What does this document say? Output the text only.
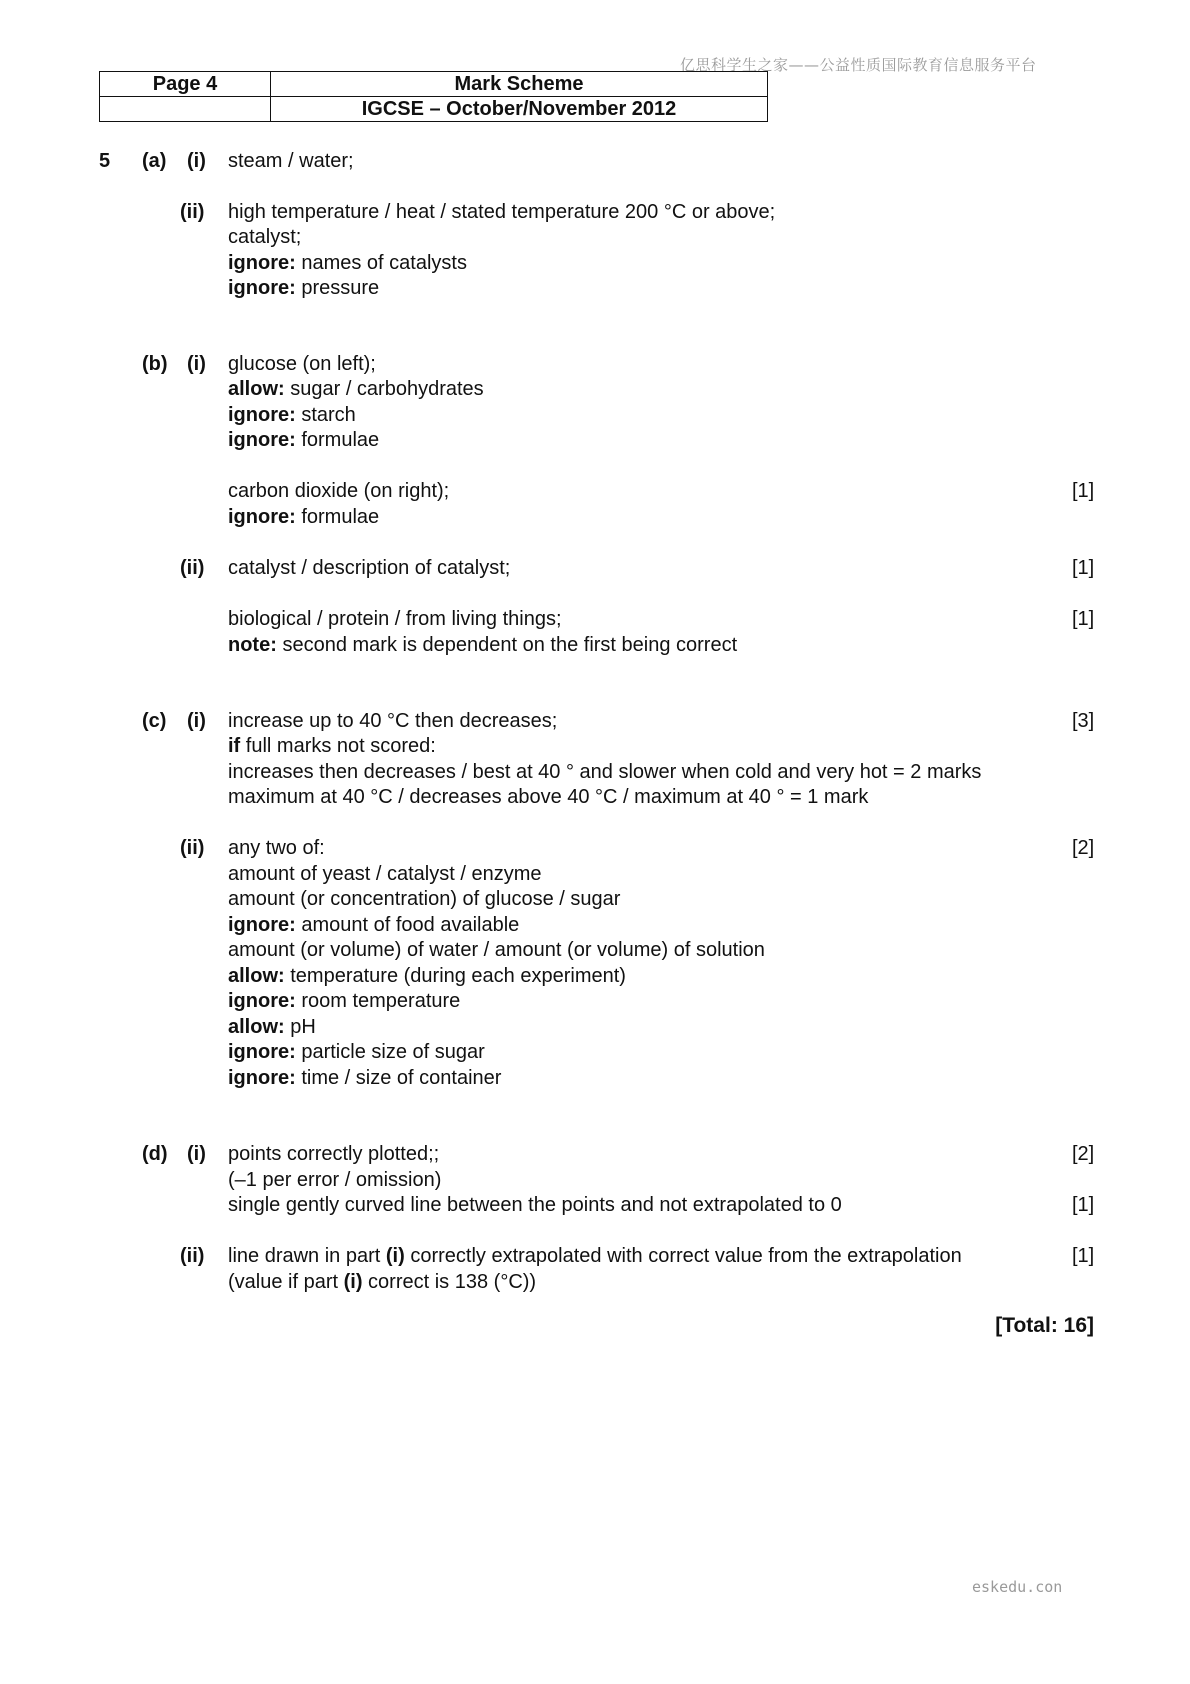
亿思科学生之家——公益性质国际教育信息服务平台
Page 4	Mark Scheme
	IGCSE – October/November 2012
5 (a) (i) steam / water;
(ii) high temperature / heat / stated temperature 200 °C or above;
catalyst;
ignore: names of catalysts
ignore: pressure
(b) (i) glucose (on left);
allow: sugar / carbohydrates
ignore: starch
ignore: formulae
carbon dioxide (on right);	[1]
ignore: formulae
(ii) catalyst / description of catalyst;	[1]
biological / protein / from living things;	[1]
note: second mark is dependent on the first being correct
(c) (i) increase up to 40 °C then decreases;	[3]
if full marks not scored:
increases then decreases / best at 40 ° and slower when cold and very hot = 2 marks
maximum at 40 °C / decreases above 40 °C / maximum at 40 ° = 1 mark
(ii) any two of:	[2]
amount of yeast / catalyst / enzyme
amount (or concentration) of glucose / sugar
ignore: amount of food available
amount (or volume) of water / amount (or volume) of solution
allow: temperature (during each experiment)
ignore: room temperature
allow: pH
ignore: particle size of sugar
ignore: time / size of container
(d) (i) points correctly plotted;;	[2]
(–1 per error / omission)
single gently curved line between the points and not extrapolated to 0	[1]
(ii) line drawn in part (i) correctly extrapolated with correct value from the extrapolation	[1]
(value if part (i) correct is 138 (°C))
[Total: 16]
eskedu.con
